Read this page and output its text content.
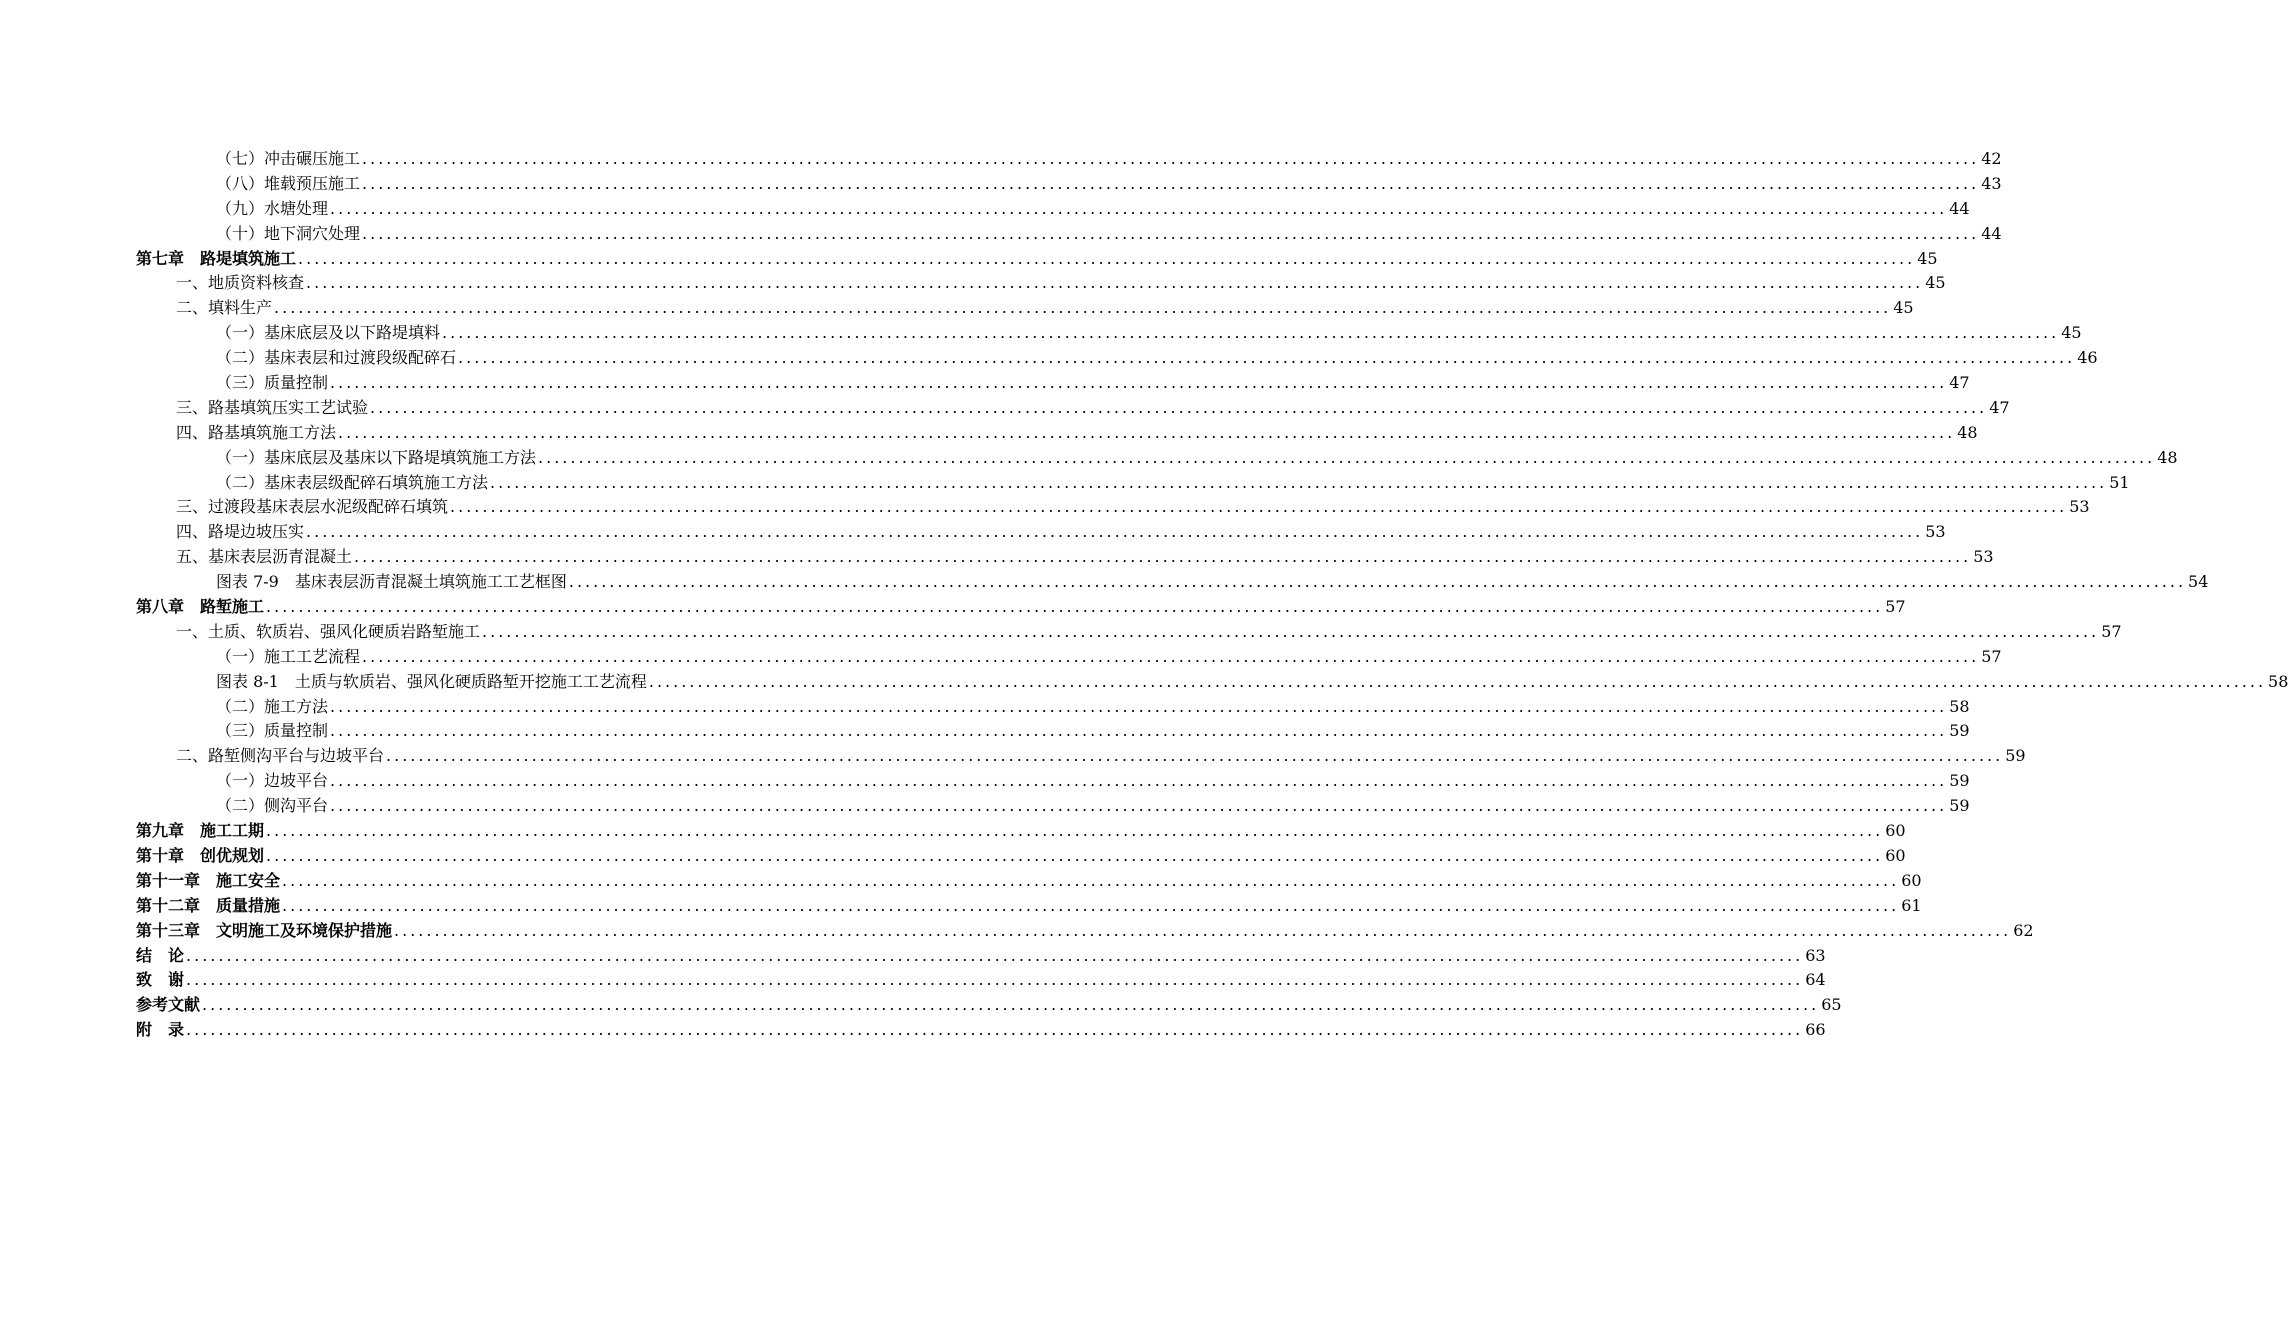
（七）冲击碾压施工 ........................................................................................................................................................................................................ 42
（八）堆载预压施工 ........................................................................................................................................................................................................ 43
（九）水塘处理 ........................................................................................................................................................................................................ 44
（十）地下洞穴处理 ........................................................................................................................................................................................................ 44
第七章　路堤填筑施工 ........................................................................................................................................................................................................ 45
一、地质资料核查 ........................................................................................................................................................................................................ 45
二、填料生产 ........................................................................................................................................................................................................ 45
（一）基床底层及以下路堤填料 ........................................................................................................................................................................................................ 45
（二）基床表层和过渡段级配碎石 ........................................................................................................................................................................................................ 46
（三）质量控制 ........................................................................................................................................................................................................ 47
三、路基填筑压实工艺试验 ........................................................................................................................................................................................................ 47
四、路基填筑施工方法 ........................................................................................................................................................................................................ 48
（一）基床底层及基床以下路堤填筑施工方法 ........................................................................................................................................................................................................ 48
（二）基床表层级配碎石填筑施工方法 ........................................................................................................................................................................................................ 51
三、过渡段基床表层水泥级配碎石填筑 ........................................................................................................................................................................................................ 53
四、路堤边坡压实 ........................................................................................................................................................................................................ 53
五、基床表层沥青混凝土 ........................................................................................................................................................................................................ 53
图表 7-9　基床表层沥青混凝土填筑施工工艺框图 ........................................................................................................................................................................................................ 54
第八章　路堑施工 ........................................................................................................................................................................................................ 57
一、土质、软质岩、强风化硬质岩路堑施工 ........................................................................................................................................................................................................ 57
（一）施工工艺流程 ........................................................................................................................................................................................................ 57
图表 8-1　土质与软质岩、强风化硬质路堑开挖施工工艺流程 ........................................................................................................................................................................................................ 58
（二）施工方法 ........................................................................................................................................................................................................ 58
（三）质量控制 ........................................................................................................................................................................................................ 59
二、路堑侧沟平台与边坡平台 ........................................................................................................................................................................................................ 59
（一）边坡平台 ........................................................................................................................................................................................................ 59
（二）侧沟平台 ........................................................................................................................................................................................................ 59
第九章　施工工期 ........................................................................................................................................................................................................ 60
第十章　创优规划 ........................................................................................................................................................................................................ 60
第十一章　施工安全 ........................................................................................................................................................................................................ 60
第十二章　质量措施 ........................................................................................................................................................................................................ 61
第十三章　文明施工及环境保护措施 ........................................................................................................................................................................................................ 62
结　论 ........................................................................................................................................................................................................ 63
致　谢 ........................................................................................................................................................................................................ 64
参考文献 ........................................................................................................................................................................................................ 65
附　录 ........................................................................................................................................................................................................ 66
